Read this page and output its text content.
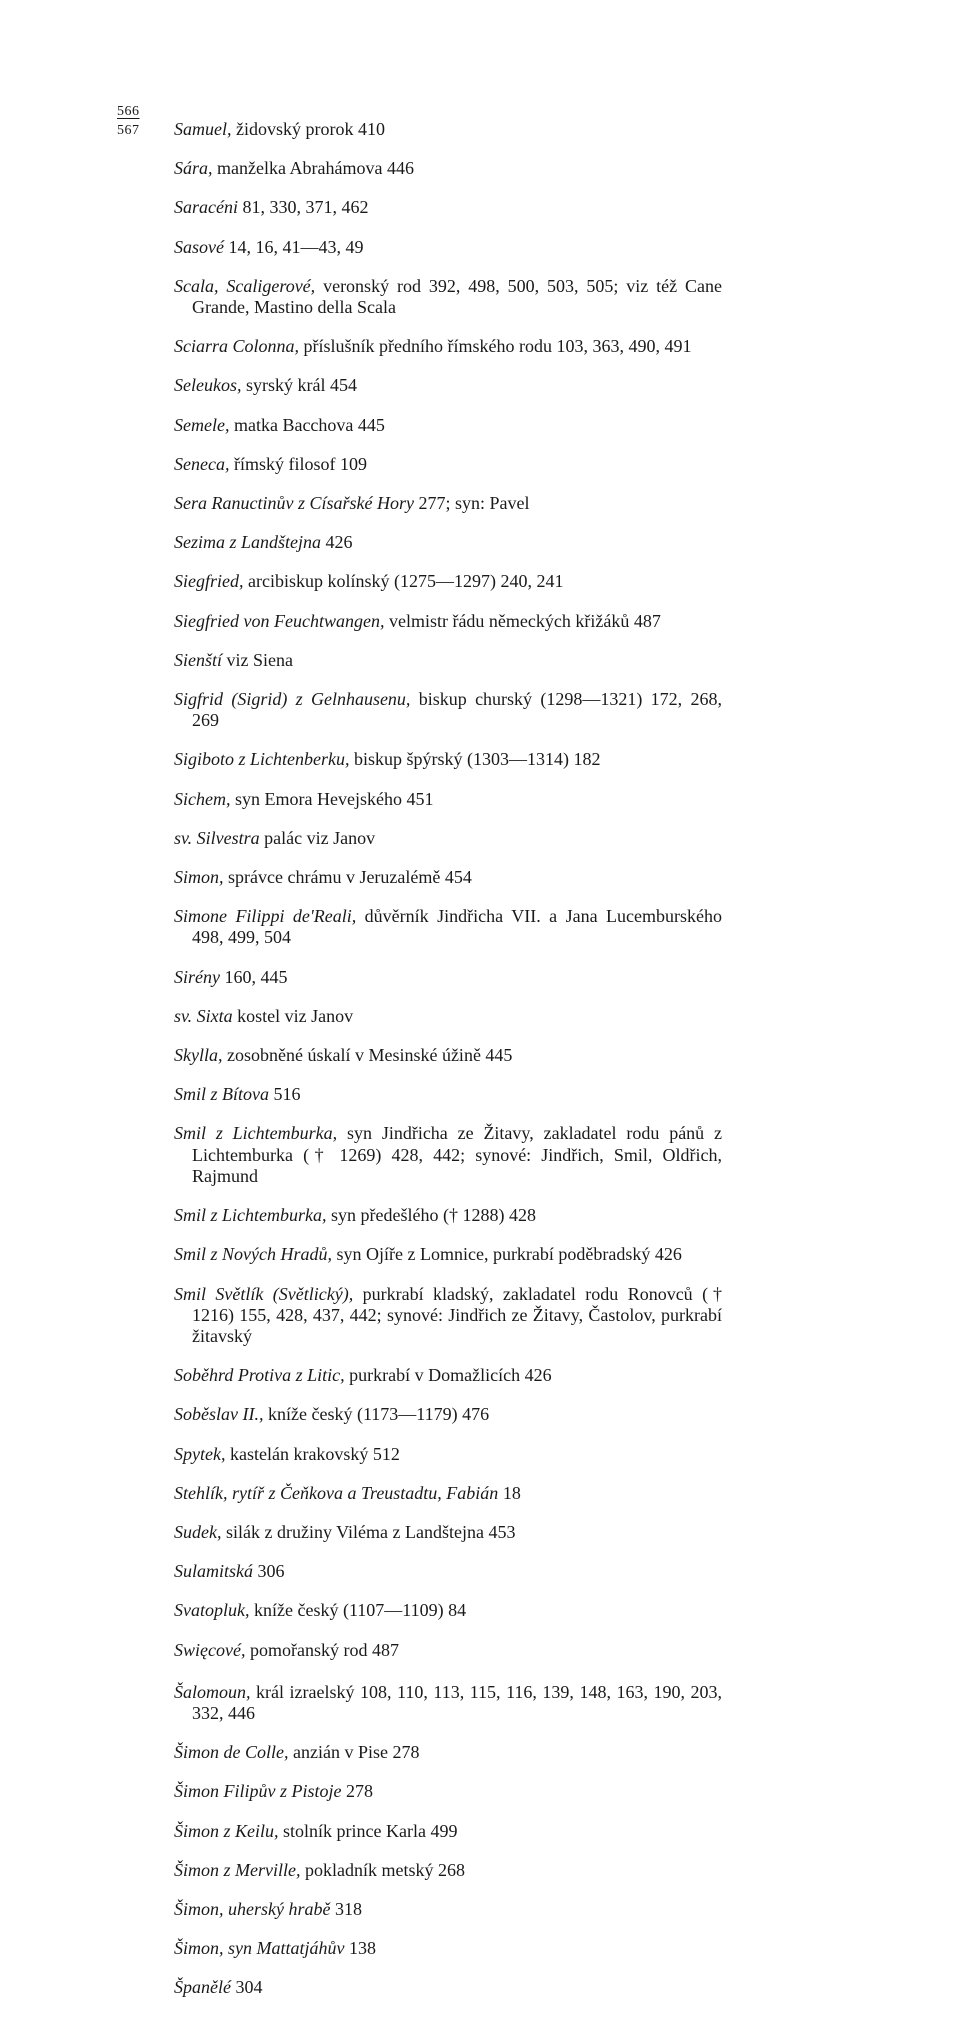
566
567 Samuel, židovský prorok 410

Sára, manželka Abrahámova 446

Saracéni 81, 330, 371, 462

Sasové 14, 16, 41—43, 49

Scala, Scaligerové, veronský rod 392, 498, 500, 503, 505; viz též Cane Grande, Mastino della Scala

Sciarra Colonna, příslušník předního římského rodu 103, 363, 490, 491

Seleukos, syrský král 454

Semele, matka Bacchova 445

Seneca, římský filosof 109

Sera Ranuctinův z Císařské Hory 277; syn: Pavel

Sezima z Landštejna 426

Siegfried, arcibiskup kolínský (1275—1297) 240, 241

Siegfried von Feuchtwangen, velmistr řádu německých křižáků 487

Sienští viz Siena

Sigfrid (Sigrid) z Gelnhausenu, biskup churský (1298—1321) 172, 268, 269

Sigiboto z Lichtenberku, biskup špýrský (1303—1314) 182

Sichem, syn Emora Hevejského 451

sv. Silvestra palác viz Janov

Simon, správce chrámu v Jeruzalémě 454

Simone Filippi de'Reali, důvěrník Jindřicha VII. a Jana Lucemburského 498, 499, 504

Sirény 160, 445

sv. Sixta kostel viz Janov

Skylla, zosobněné úskalí v Mesinské úžině 445

Smil z Bítova 516

Smil z Lichtemburka, syn Jindřicha ze Žitavy, zakladatel rodu pánů z Lichtemburka († 1269) 428, 442; synové: Jindřich, Smil, Oldřich, Rajmund

Smil z Lichtemburka, syn předešlého († 1288) 428

Smil z Nových Hradů, syn Ojíře z Lomnice, purkrabí poděbradský 426

Smil Světlík (Světlický), purkrabí kladský, zakladatel rodu Ronovců († 1216) 155, 428, 437, 442; synové: Jindřich ze Žitavy, Častolov, purkrabí žitavský

Soběhrd Protiva z Litic, purkrabí v Domažlicích 426

Soběslav II., kníže český (1173—1179) 476

Spytek, kastelán krakovský 512

Stehlík, rytíř z Čeňkova a Treustadtu, Fabián 18

Sudek, silák z družiny Viléma z Landštejna 453

Sulamitská 306

Svatopluk, kníže český (1107—1109) 84

Swięcové, pomořanský rod 487

Šalomoun, král izraelský 108, 110, 113, 115, 116, 139, 148, 163, 190, 203, 332, 446

Šimon de Colle, anzián v Pise 278

Šimon Filipův z Pistoje 278

Šimon z Keilu, stolník prince Karla 499

Šimon z Merville, pokladník metský 268

Šimon, uherský hrabě 318

Šimon, syn Mattatjáhův 138

Španělé 304
